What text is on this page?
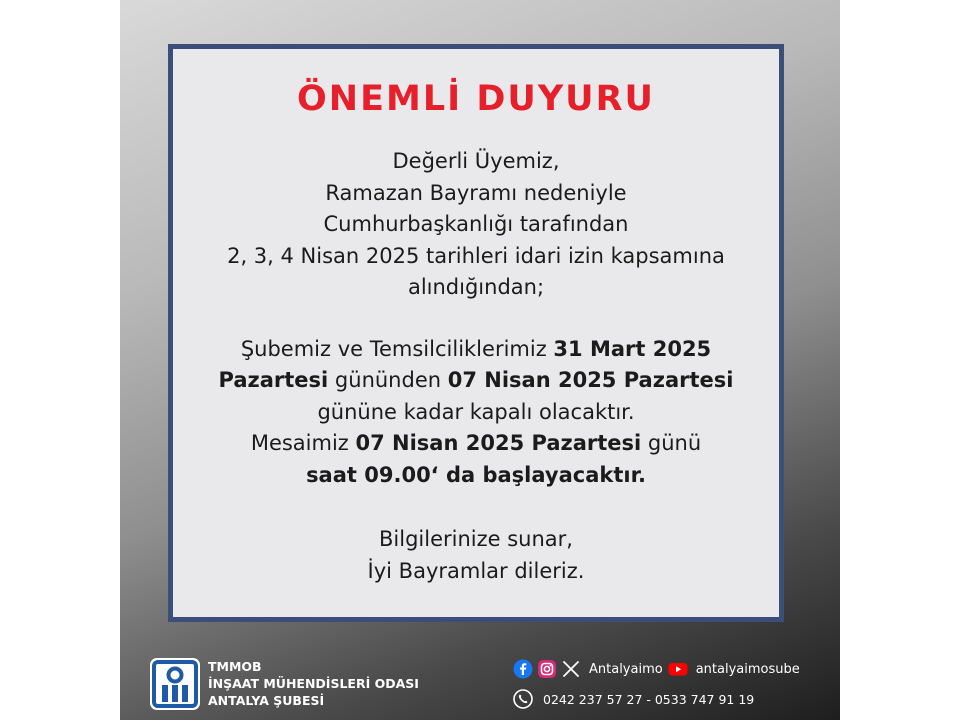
ÖNEMLİ DUYURU
Değerli Üyemiz,
Ramazan Bayramı nedeniyle
Cumhurbaşkanlığı tarafından
2, 3, 4 Nisan 2025 tarihleri idari izin kapsamına
alındığından;
Şubemiz ve Temsilciliklerimiz 31 Mart 2025
Pazartesi gününden 07 Nisan 2025 Pazartesi
gününe kadar kapalı olacaktır.
Mesaimiz 07 Nisan 2025 Pazartesi günü
saat 09.00‘ da başlayacaktır.
Bilgilerinize sunar,
İyi Bayramlar dileriz.
TMMOB
İNŞAAT MÜHENDİSLERİ ODASI
ANTALYA ŞUBESİ
Antalyaimo	antalyaimosube
0242 237 57 27 - 0533 747 91 19
